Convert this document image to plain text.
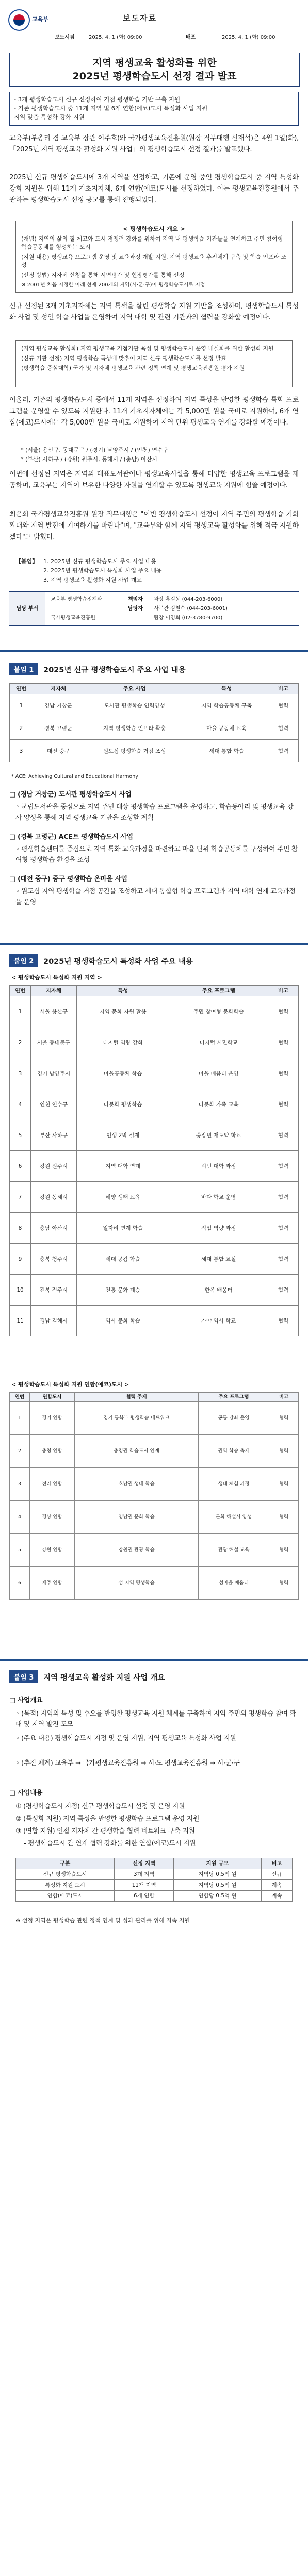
교육부	보도자료
보도시점	2025. 4. 1.(화) 09:00	배포	2025. 4. 1.(화) 09:00
지역 평생교육 활성화를 위한
2025년 평생학습도시 선정 결과 발표
- 3개 평생학습도시 신규 선정하여 거점 평생학습 기반 구축 지원
- 기존 평생학습도시 중 11개 지역 및 6개 연합(에코)도시 특성화 사업 지원
지역 맞춤 특성화 강화 지원
교육부(부총리 겸 교육부 장관 이주호)와 국가평생교육진흥원(원장 직무대행 신재석)은 4월 1일(화), 「2025년 지역 평생교육 활성화 지원 사업」의 평생학습도시 선정 결과를 발표했다.
2025년 신규 평생학습도시에 3개 지역을 선정하고, 기존에 운영 중인 평생학습도시 중 지역 특성화 강화 지원을 위해 11개 기초지자체, 6개 연합(에코)도시를 선정하였다. 이는 평생교육진흥원에서 주관하는 평생학습도시 선정 공모를 통해 진행되었다.
< 평생학습도시 개요 >
(개념) 지역의 삶의 질 제고와 도시 경쟁력 강화를 위하여 지역 내 평생학습 기관들을 연계하고 주민 참여형 학습공동체를 형성하는 도시
(지원 내용) 평생교육 프로그램 운영 및 교육과정 개발 지원, 지역 평생교육 추진체계 구축 및 학습 인프라 조성
(선정 방법) 지자체 신청을 통해 서면평가 및 현장평가를 통해 선정
※ 2001년 처음 지정한 이래 현재 200개의 지역(시·군·구)이 평생학습도시로 지정
신규 선정된 3개 기초지자체는 지역 특색을 살린 평생학습 지원 기반을 조성하며, 평생학습도시 특성화 사업 및 성인 학습 사업을 운영하여 지역 대학 및 관련 기관과의 협력을 강화할 예정이다.
(지역 평생교육 활성화) 지역 평생교육 거점기관 육성 및 평생학습도시 운영 내실화를 위한 활성화 지원
(신규 기관 선정) 지역 평생학습 특성에 맞추어 지역 신규 평생학습도시를 선정 발표
(평생학습 중심대학) 국가 및 지자체 평생교육 관련 정책 연계 및 평생교육진흥원 평가 지원
이울러, 기존의 평생학습도시 중에서 11개 지역을 선정하여 지역 특성을 반영한 평생학습 특화 프로그램을 운영할 수 있도록 지원한다. 11개 기초지자체에는 각 5,000만 원을 국비로 지원하며, 6개 연합(에코)도시에는 각 5,000만 원을 국비로 지원하여 지역 단위 평생교육 연계를 강화할 예정이다.
* (서울) 용산구, 동대문구 / (경기) 남양주시 / (인천) 연수구
* (부산) 사하구 / (강원) 원주시, 동해시 / (충남) 아산시
이번에 선정된 지역은 지역의 대표도서관이나 평생교육시설을 통해 다양한 평생교육 프로그램을 제공하며, 교육부는 지역이 보유한 다양한 자원을 연계할 수 있도록 평생교육 지원에 힘쓸 예정이다.
최은희 국가평생교육진흥원 원장 직무대행은 "이번 평생학습도시 선정이 지역 주민의 평생학습 기회 확대와 지역 발전에 기여하기를 바란다"며, "교육부와 함께 지역 평생교육 활성화를 위해 적극 지원하겠다"고 밝혔다.
【붙임】 1. 2025년 신규 평생학습도시 주요 사업 내용
2. 2025년 평생학습도시 특성화 사업 주요 내용
3. 지역 평생교육 활성화 지원 사업 개요
담당 부서
교육부 평생학습정책과	책임자 과장 홍길동 (044-203-6000)
담당자 사무관 김철수 (044-203-6001)
국가평생교육진흥원	팀장 이영희 (02-3780-9700)
붙임 1	2025년 신규 평생학습도시 주요 사업 내용
연번	지자체	주요 사업	특성	비고
1	경남 거창군	도서관 평생학습 인력양성	지역 학습공동체 구축	협력
2	경북 고령군	지역 평생학습 인프라 확충	마을 공동체 교육	협력
3	대전 중구	원도심 평생학습 거점 조성	세대 통합 학습	협력
* ACE: Achieving Cultural and Educational Harmony
□ (경남 거창군) 도서관 평생학습도시 사업
◦ 군립도서관을 중심으로 지역 주민 대상 평생학습 프로그램을 운영하고, 학습동아리 및 평생교육 강사 양성을 통해 지역 평생교육 기반을 조성할 계획
□ (경북 고령군) ACE트 평생학습도시 사업
◦ 평생학습센터를 중심으로 지역 특화 교육과정을 마련하고 마을 단위 학습공동체를 구성하여 주민 참여형 평생학습 환경을 조성
□ (대전 중구) 중구 평생학습 온마을 사업
◦ 원도심 지역 평생학습 거점 공간을 조성하고 세대 통합형 학습 프로그램과 지역 대학 연계 교육과정을 운영
붙임 2	2025년 평생학습도시 특성화 사업 주요 내용
< 평생학습도시 특성화 지원 지역 >
연번	지자체	특성	주요 프로그램	비고
1	서울 용산구	지역 문화 자원 활용	주민 참여형 문화학습	협력
2	서울 동대문구	디지털 역량 강화	디지털 시민학교	협력
3	경기 남양주시	마을공동체 학습	마을 배움터 운영	협력
4	인천 연수구	다문화 평생학습	다문화 가족 교육	협력
5	부산 사하구	인생 2막 설계	중장년 재도약 학교	협력
6	강원 원주시	지역 대학 연계	시민 대학 과정	협력
7	강원 동해시	해양 생태 교육	바다 학교 운영	협력
8	충남 아산시	일자리 연계 학습	직업 역량 과정	협력
9	충북 청주시	세대 공감 학습	세대 통합 교실	협력
10	전북 전주시	전통 문화 계승	한옥 배움터	협력
11	경남 김해시	역사 문화 학습	가야 역사 학교	협력
< 평생학습도시 특성화 지원 연합(에코)도시 >
연번	연합도시	협력 주제	주요 프로그램	비고
1	경기 연합	경기 동북부 평생학습 네트워크	공동 강좌 운영	협력
2	충청 연합	충청권 학습도시 연계	권역 학습 축제	협력
3	전라 연합	호남권 생태 학습	생태 체험 과정	협력
4	경상 연합	영남권 문화 학습	문화 해설사 양성	협력
5	강원 연합	강원권 관광 학습	관광 해설 교육	협력
6	제주 연합	섬 지역 평생학습	섬마을 배움터	협력
붙임 3	지역 평생교육 활성화 지원 사업 개요
□ 사업개요
◦ (목적) 지역의 특성 및 수요를 반영한 평생교육 지원 체계를 구축하여 지역 주민의 평생학습 참여 확대 및 지역 발전 도모
◦ (주요 내용) 평생학습도시 지정 및 운영 지원, 지역 평생교육 특성화 사업 지원
◦ (추진 체계) 교육부 → 국가평생교육진흥원 → 시·도 평생교육진흥원 → 시·군·구
□ 사업내용
① (평생학습도시 지정) 신규 평생학습도시 선정 및 운영 지원
② (특성화 지원) 지역 특성을 반영한 평생학습 프로그램 운영 지원
③ (연합 지원) 인접 지자체 간 평생학습 협력 네트워크 구축 지원
- 평생학습도시 간 연계 협력 강화를 위한 연합(에코)도시 지원
구분	선정 지역	지원 규모	비고
신규 평생학습도시	3개 지역	지역당 0.5억 원	신규
특성화 지원 도시	11개 지역	지역당 0.5억 원	계속
연합(에코)도시	6개 연합	연합당 0.5억 원	계속
※ 선정 지역은 평생학습 관련 정책 연계 및 성과 관리를 위해 지속 지원
